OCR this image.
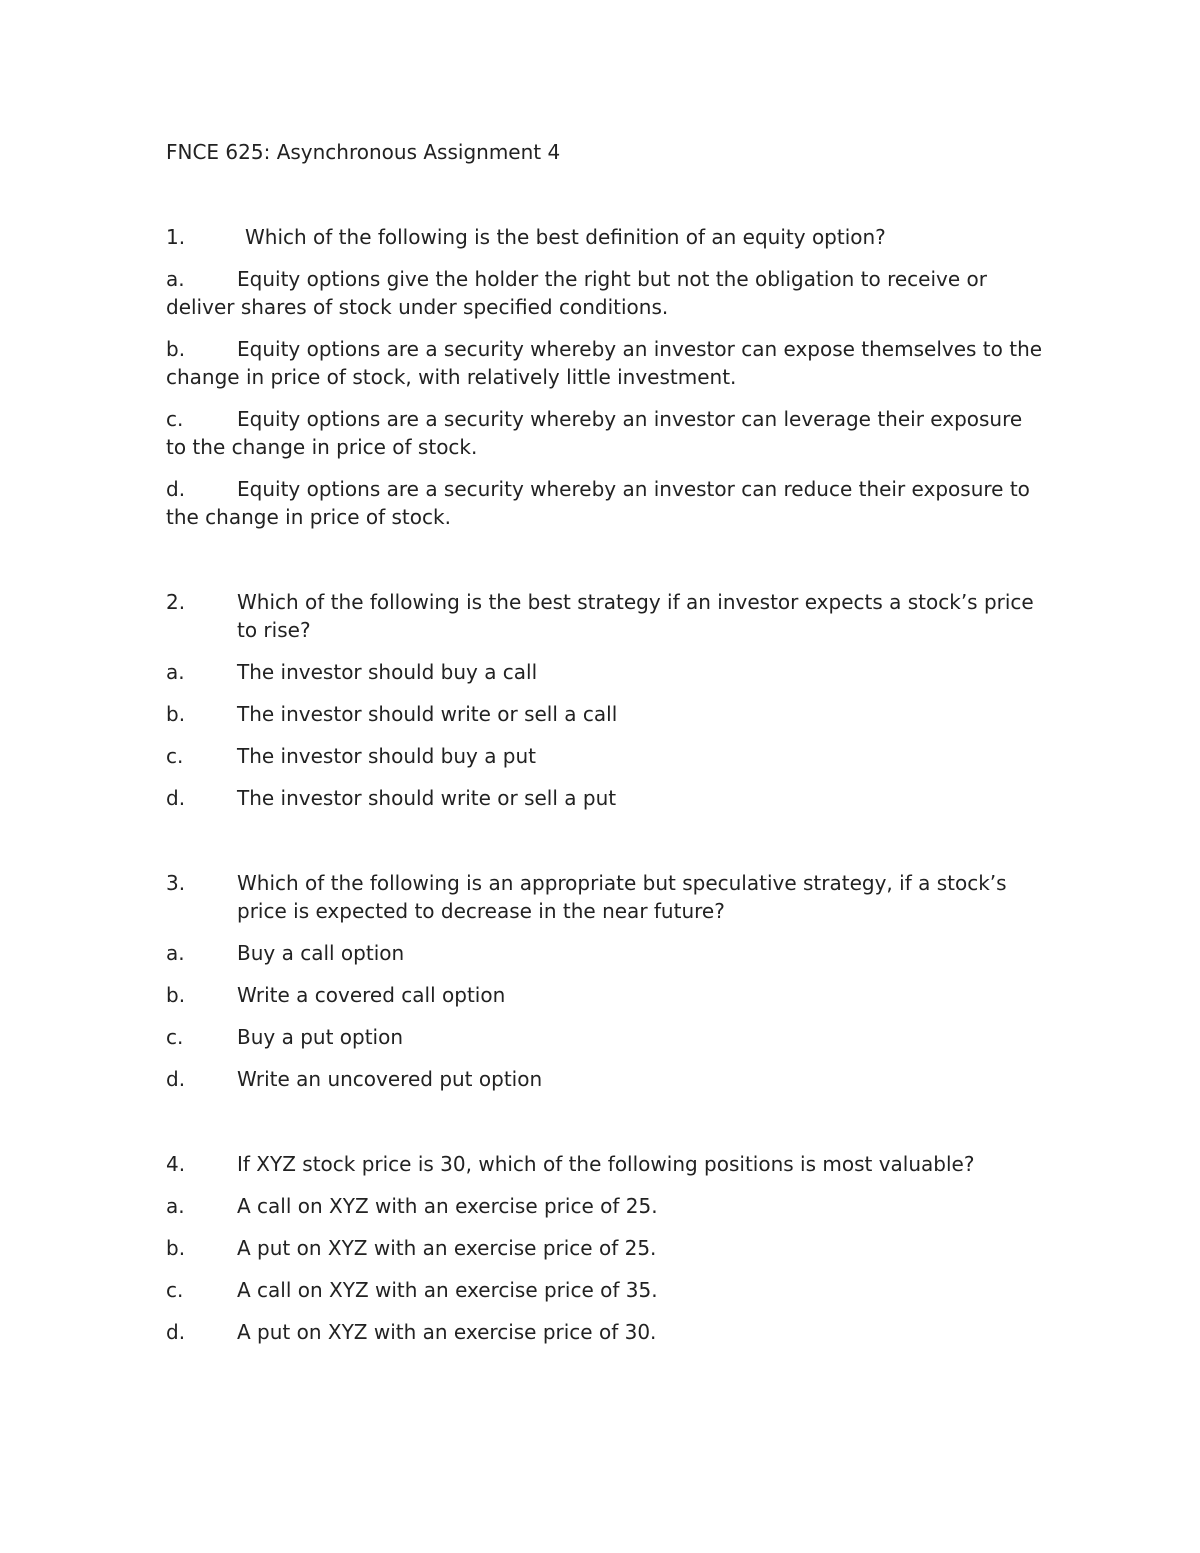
FNCE 625: Asynchronous Assignment 4
1.	Which of the following is the best definition of an equity option?
a.	Equity options give the holder the right but not the obligation to receive or deliver shares of stock under specified conditions.
b.	Equity options are a security whereby an investor can expose themselves to the change in price of stock, with relatively little investment.
c.	Equity options are a security whereby an investor can leverage their exposure to the change in price of stock.
d.	Equity options are a security whereby an investor can reduce their exposure to the change in price of stock.
2.	Which of the following is the best strategy if an investor expects a stock’s price to rise?
a.	The investor should buy a call
b.	The investor should write or sell a call
c.	The investor should buy a put
d.	The investor should write or sell a put
3.	Which of the following is an appropriate but speculative strategy, if a stock’s price is expected to decrease in the near future?
a.	Buy a call option
b.	Write a covered call option
c.	Buy a put option
d.	Write an uncovered put option
4.	If XYZ stock price is 30, which of the following positions is most valuable?
a.	A call on XYZ with an exercise price of 25.
b.	A put on XYZ with an exercise price of 25.
c.	A call on XYZ with an exercise price of 35.
d.	A put on XYZ with an exercise price of 30.
